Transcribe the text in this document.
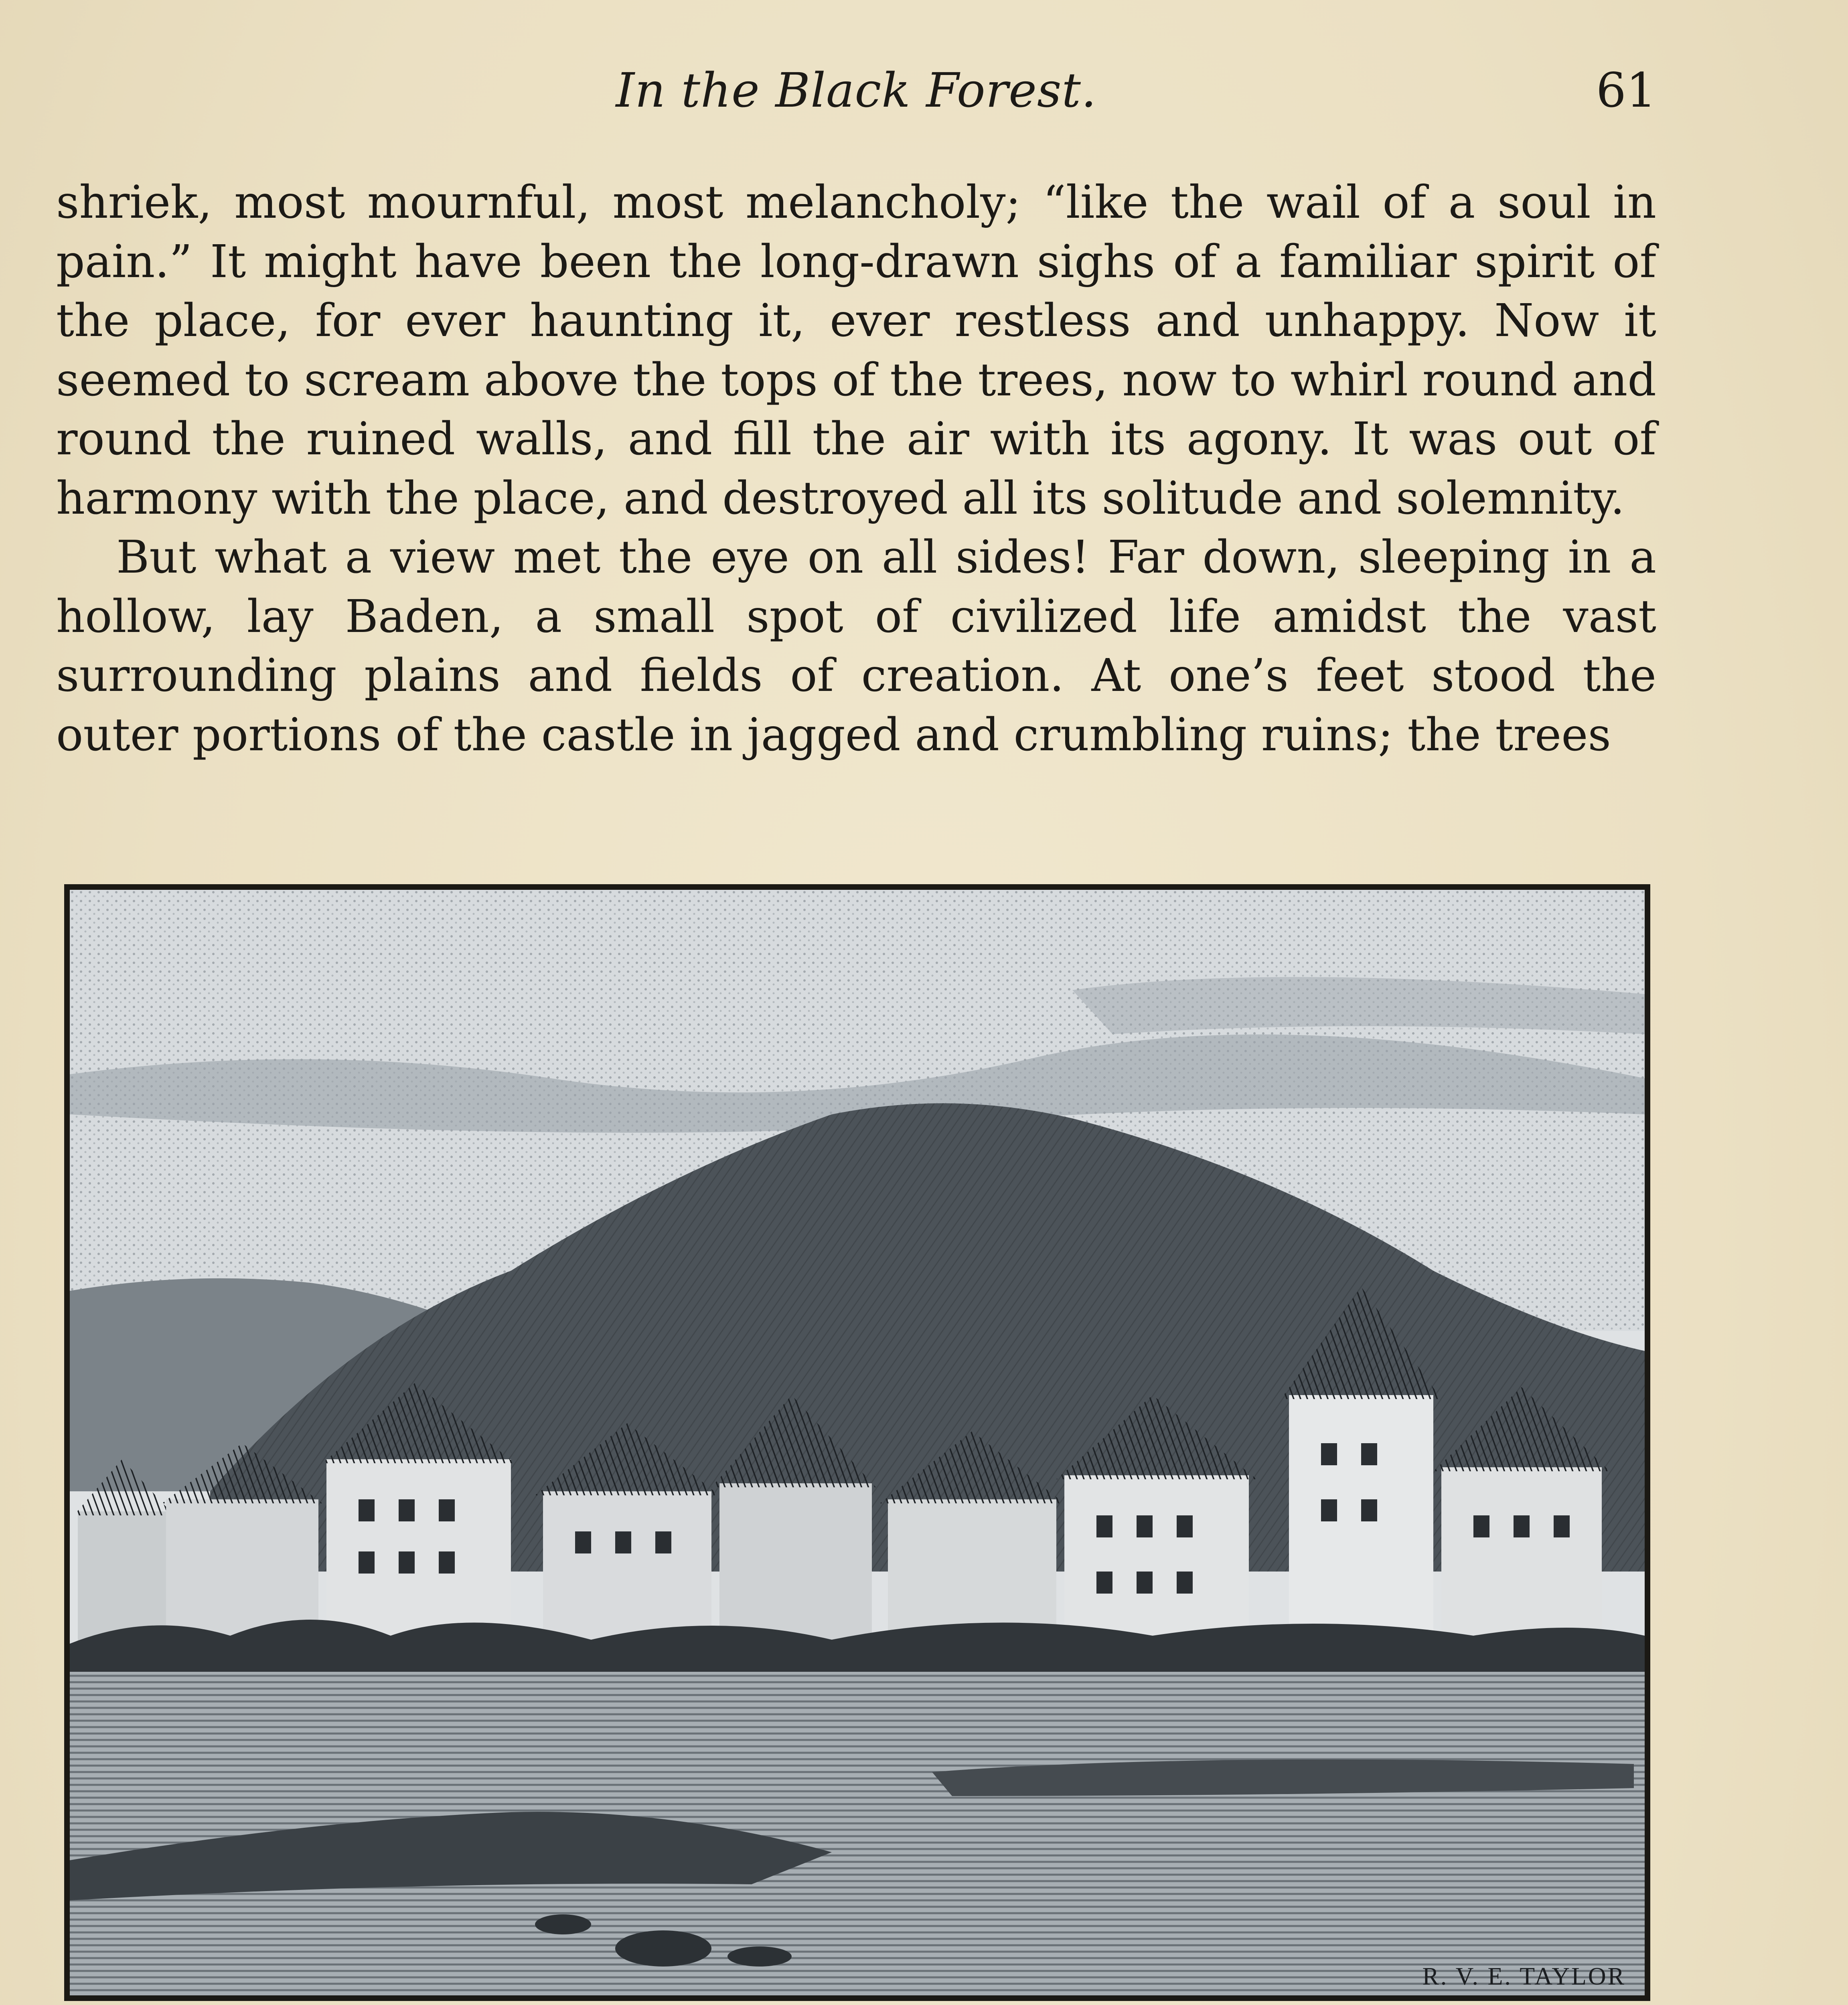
In the Black Forest.	61

shriek, most mournful, most melancholy; “like the wail of a soul in pain.” It might have been the long-drawn sighs of a familiar spirit of the place, for ever haunting it, ever restless and unhappy. Now it seemed to scream above the tops of the trees, now to whirl round and round the ruined walls, and fill the air with its agony. It was out of harmony with the place, and destroyed all its solitude and solemnity.

But what a view met the eye on all sides! Far down, sleeping in a hollow, lay Baden, a small spot of civilized life amidst the vast surrounding plains and fields of creation. At one’s feet stood the outer portions of the castle in jagged and crumbling ruins; the trees

R. V. E. TAYLOR
